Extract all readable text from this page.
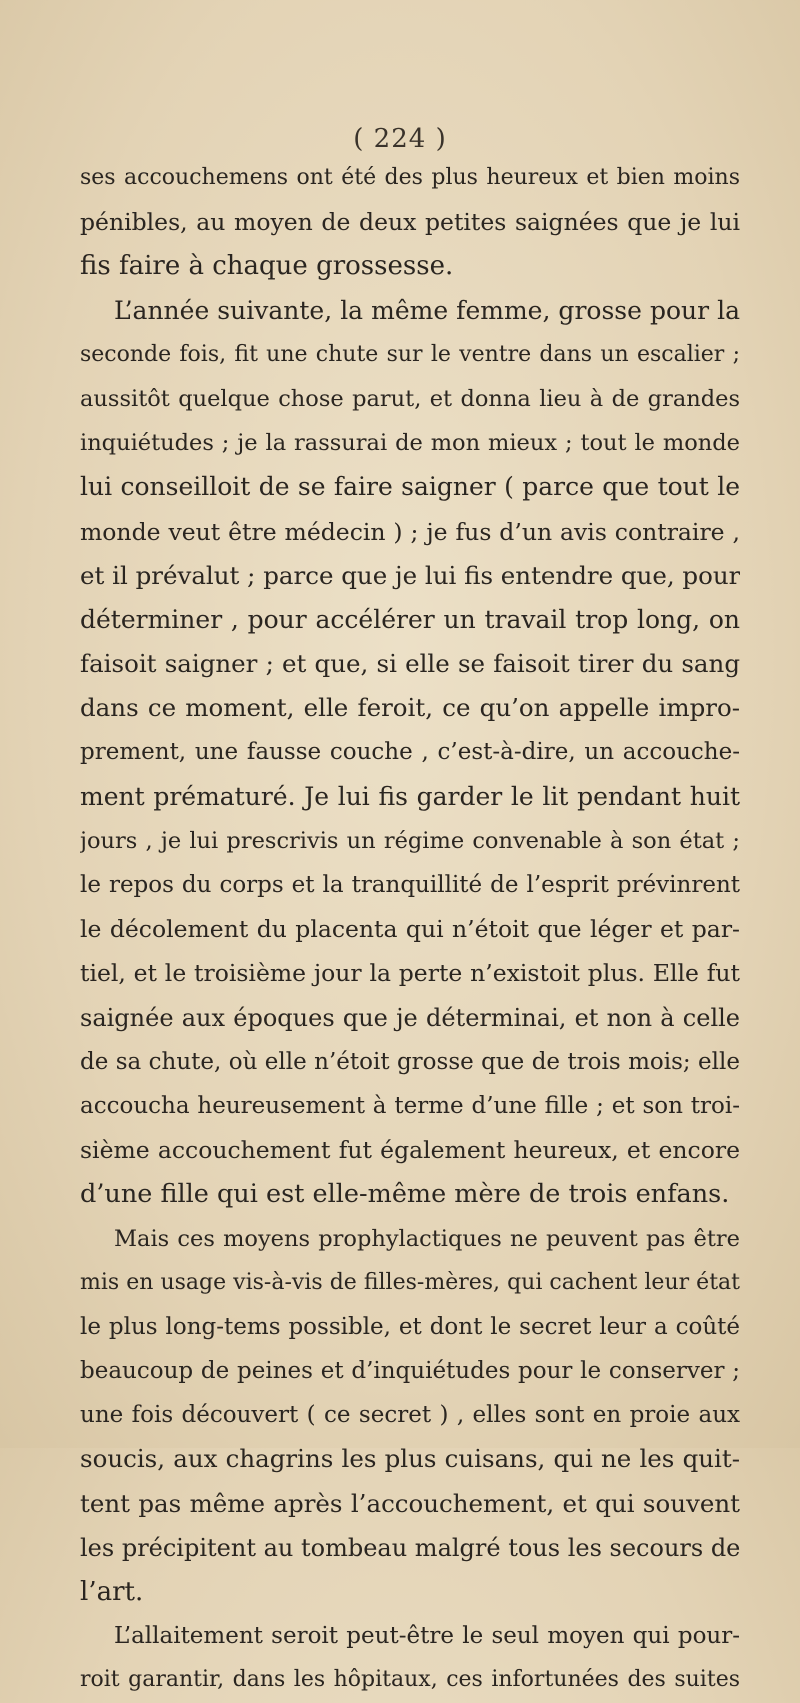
( 224 )
ses accouchemens ont été des plus heureux et bien moins
pénibles, au moyen de deux petites saignées que je lui
fis faire à chaque grossesse.
L’année suivante, la même femme, grosse pour la
seconde fois, fit une chute sur le ventre dans un escalier ;
aussitôt quelque chose parut, et donna lieu à de grandes
inquiétudes ; je la rassurai de mon mieux ; tout le monde
lui conseilloit de se faire saigner ( parce que tout le
monde veut être médecin ) ; je fus d’un avis contraire ,
et il prévalut ; parce que je lui fis entendre que, pour
déterminer , pour accélérer un travail trop long, on
faisoit saigner ; et que, si elle se faisoit tirer du sang
dans ce moment, elle feroit, ce qu’on appelle impro-
prement, une fausse couche , c’est-à-dire, un accouche-
ment prématuré. Je lui fis garder le lit pendant huit
jours , je lui prescrivis un régime convenable à son état ;
le repos du corps et la tranquillité de l’esprit prévinrent
le décolement du placenta qui n’étoit que léger et par-
tiel, et le troisième jour la perte n’existoit plus. Elle fut
saignée aux époques que je déterminai, et non à celle
de sa chute, où elle n’étoit grosse que de trois mois; elle
accoucha heureusement à terme d’une fille ; et son troi-
sième accouchement fut également heureux, et encore
d’une fille qui est elle-même mère de trois enfans.
Mais ces moyens prophylactiques ne peuvent pas être
mis en usage vis-à-vis de filles-mères, qui cachent leur état
le plus long-tems possible, et dont le secret leur a coûté
beaucoup de peines et d’inquiétudes pour le conserver ;
une fois découvert ( ce secret ) , elles sont en proie aux
soucis, aux chagrins les plus cuisans, qui ne les quit-
tent pas même après l’accouchement, et qui souvent
les précipitent au tombeau malgré tous les secours de
l’art.
L’allaitement seroit peut-être le seul moyen qui pour-
roit garantir, dans les hôpitaux, ces infortunées des suites
